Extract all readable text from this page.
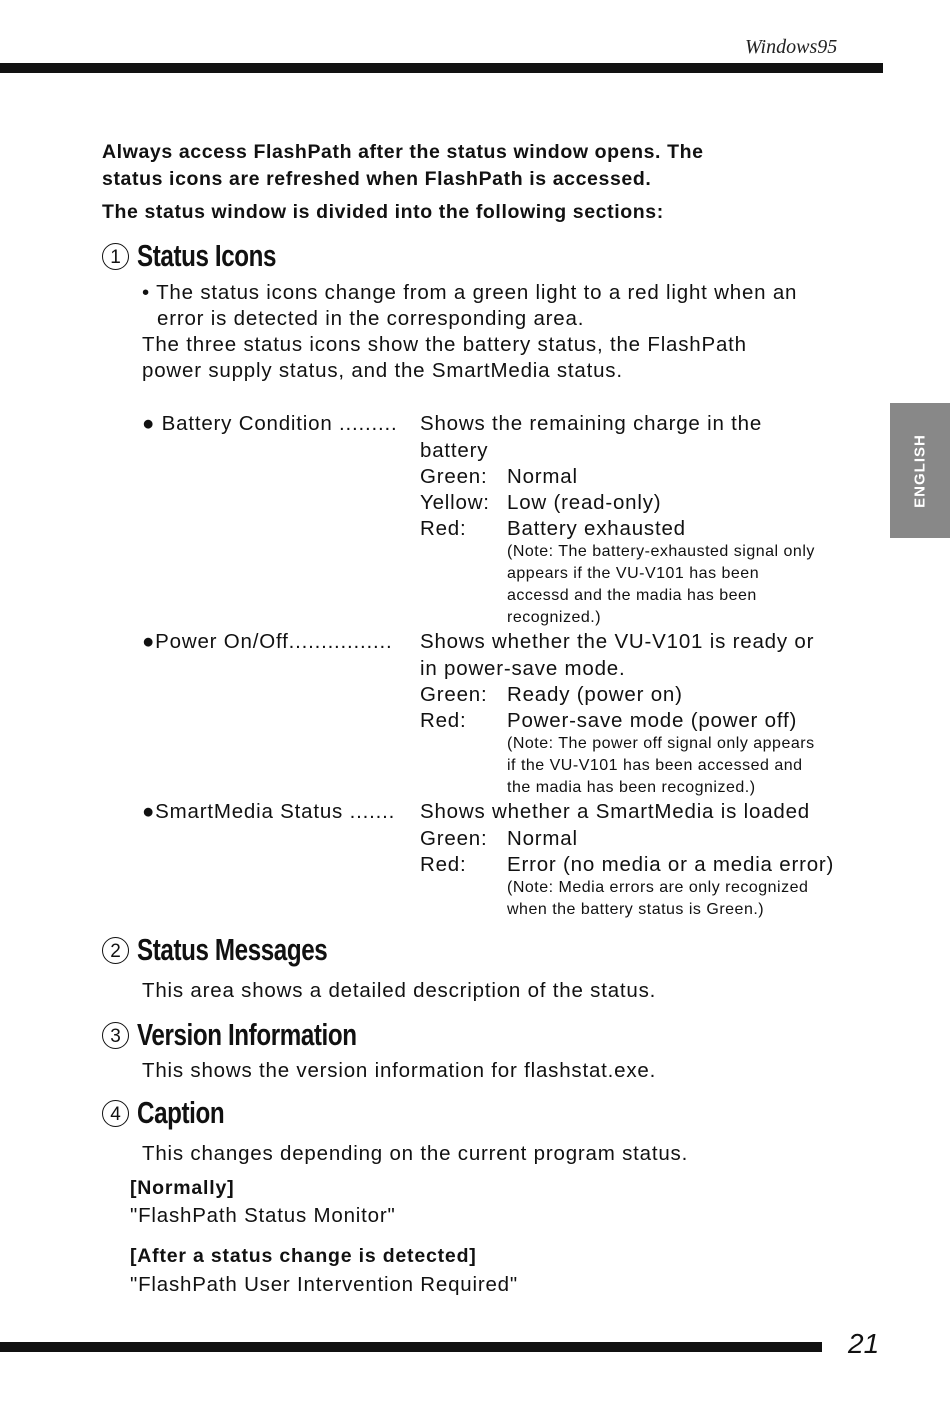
Windows95
ENGLISH
Always access FlashPath after the status window opens. The
status icons are refreshed when FlashPath is accessed.
The status window is divided into the following sections:
1 Status Icons
• The status icons change from a green light to a red light when an
error is detected in the corresponding area.
The three status icons show the battery status, the FlashPath
power supply status, and the SmartMedia status.
● Battery Condition ......... Shows the remaining charge in the
battery
Green: Normal
Yellow: Low (read-only)
Red: Battery exhausted
(Note: The battery-exhausted signal only
appears if the VU-V101 has been
accessd and the madia has been
recognized.)
●Power On/Off................ Shows whether the VU-V101 is ready or
in power-save mode.
Green: Ready (power on)
Red: Power-save mode (power off)
(Note: The power off signal only appears
if the VU-V101 has been accessed and
the madia has been recognized.)
●SmartMedia Status ....... Shows whether a SmartMedia is loaded
Green: Normal
Red: Error (no media or a media error)
(Note: Media errors are only recognized
when the battery status is Green.)
2 Status Messages
This area shows a detailed description of the status.
3 Version Information
This shows the version information for flashstat.exe.
4 Caption
This changes depending on the current program status.
[Normally]
"FlashPath Status Monitor"
[After a status change is detected]
"FlashPath User Intervention Required"
21
